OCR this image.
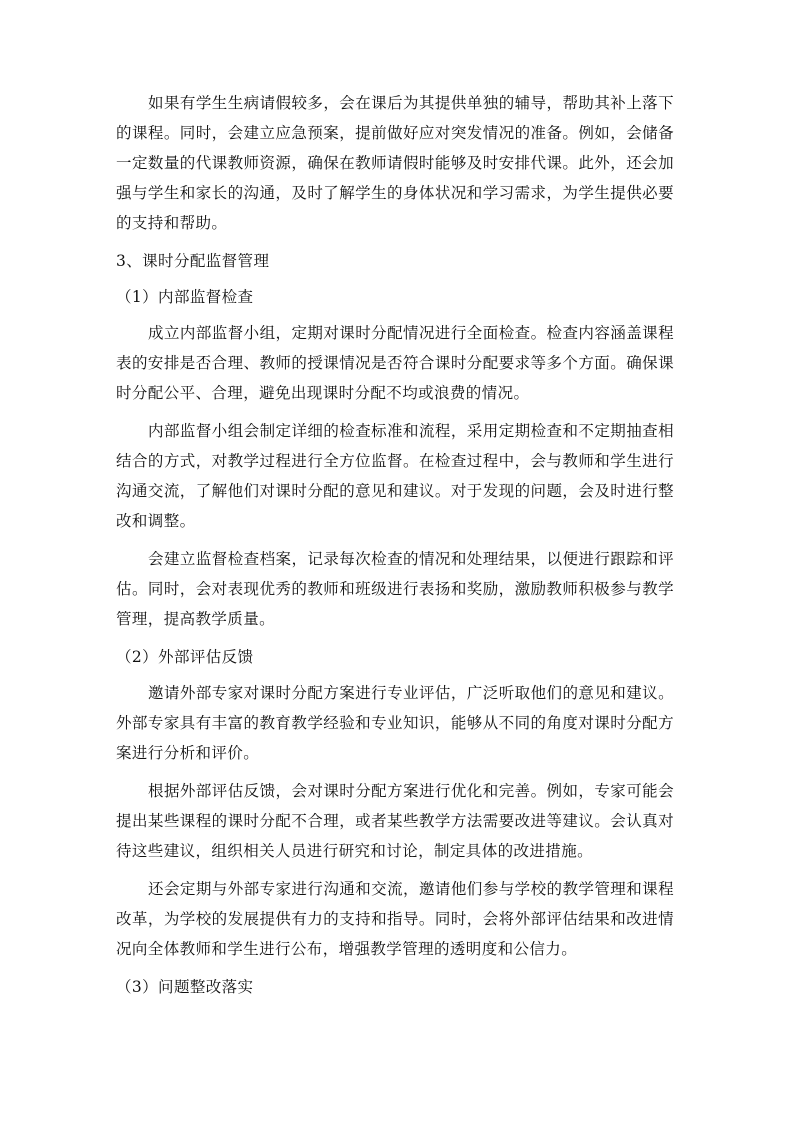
如果有学生生病请假较多，会在课后为其提供单独的辅导，帮助其补上落下的课程。同时，会建立应急预案，提前做好应对突发情况的准备。例如，会储备一定数量的代课教师资源，确保在教师请假时能够及时安排代课。此外，还会加强与学生和家长的沟通，及时了解学生的身体状况和学习需求，为学生提供必要的支持和帮助。

3、课时分配监督管理

（1）内部监督检查

成立内部监督小组，定期对课时分配情况进行全面检查。检查内容涵盖课程表的安排是否合理、教师的授课情况是否符合课时分配要求等多个方面。确保课时分配公平、合理，避免出现课时分配不均或浪费的情况。

内部监督小组会制定详细的检查标准和流程，采用定期检查和不定期抽查相结合的方式，对教学过程进行全方位监督。在检查过程中，会与教师和学生进行沟通交流，了解他们对课时分配的意见和建议。对于发现的问题，会及时进行整改和调整。

会建立监督检查档案，记录每次检查的情况和处理结果，以便进行跟踪和评估。同时，会对表现优秀的教师和班级进行表扬和奖励，激励教师积极参与教学管理，提高教学质量。

（2）外部评估反馈

邀请外部专家对课时分配方案进行专业评估，广泛听取他们的意见和建议。外部专家具有丰富的教育教学经验和专业知识，能够从不同的角度对课时分配方案进行分析和评价。

根据外部评估反馈，会对课时分配方案进行优化和完善。例如，专家可能会提出某些课程的课时分配不合理，或者某些教学方法需要改进等建议。会认真对待这些建议，组织相关人员进行研究和讨论，制定具体的改进措施。

还会定期与外部专家进行沟通和交流，邀请他们参与学校的教学管理和课程改革，为学校的发展提供有力的支持和指导。同时，会将外部评估结果和改进情况向全体教师和学生进行公布，增强教学管理的透明度和公信力。

（3）问题整改落实
